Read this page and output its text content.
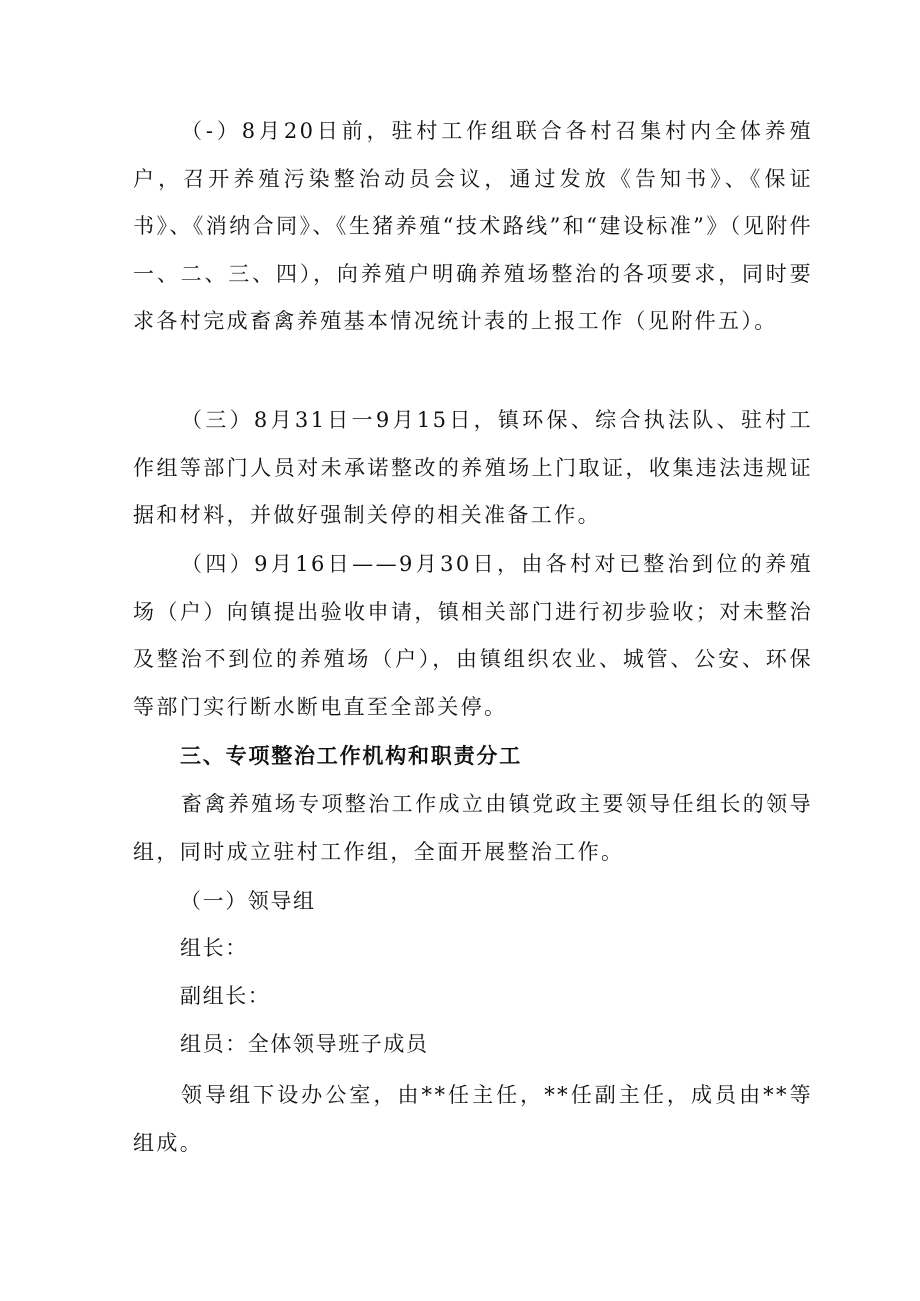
（-）8月20日前，驻村工作组联合各村召集村内全体养殖户，召开养殖污染整治动员会议，通过发放《告知书》、《保证书》、《消纳合同》、《生猪养殖“技术路线”和“建设标准”》（见附件一、二、三、四），向养殖户明确养殖场整治的各项要求，同时要求各村完成畜禽养殖基本情况统计表的上报工作（见附件五）。

（三）8月31日一9月15日，镇环保、综合执法队、驻村工作组等部门人员对未承诺整改的养殖场上门取证，收集违法违规证据和材料，并做好强制关停的相关准备工作。

（四）9月16日——9月30日，由各村对已整治到位的养殖场（户）向镇提出验收申请，镇相关部门进行初步验收；对未整治及整治不到位的养殖场（户），由镇组织农业、城管、公安、环保等部门实行断水断电直至全部关停。

三、专项整治工作机构和职责分工

畜禽养殖场专项整治工作成立由镇党政主要领导任组长的领导组，同时成立驻村工作组，全面开展整治工作。

（一）领导组

组长：

副组长：

组员：全体领导班子成员

领导组下设办公室，由**任主任，**任副主任，成员由**等组成。
